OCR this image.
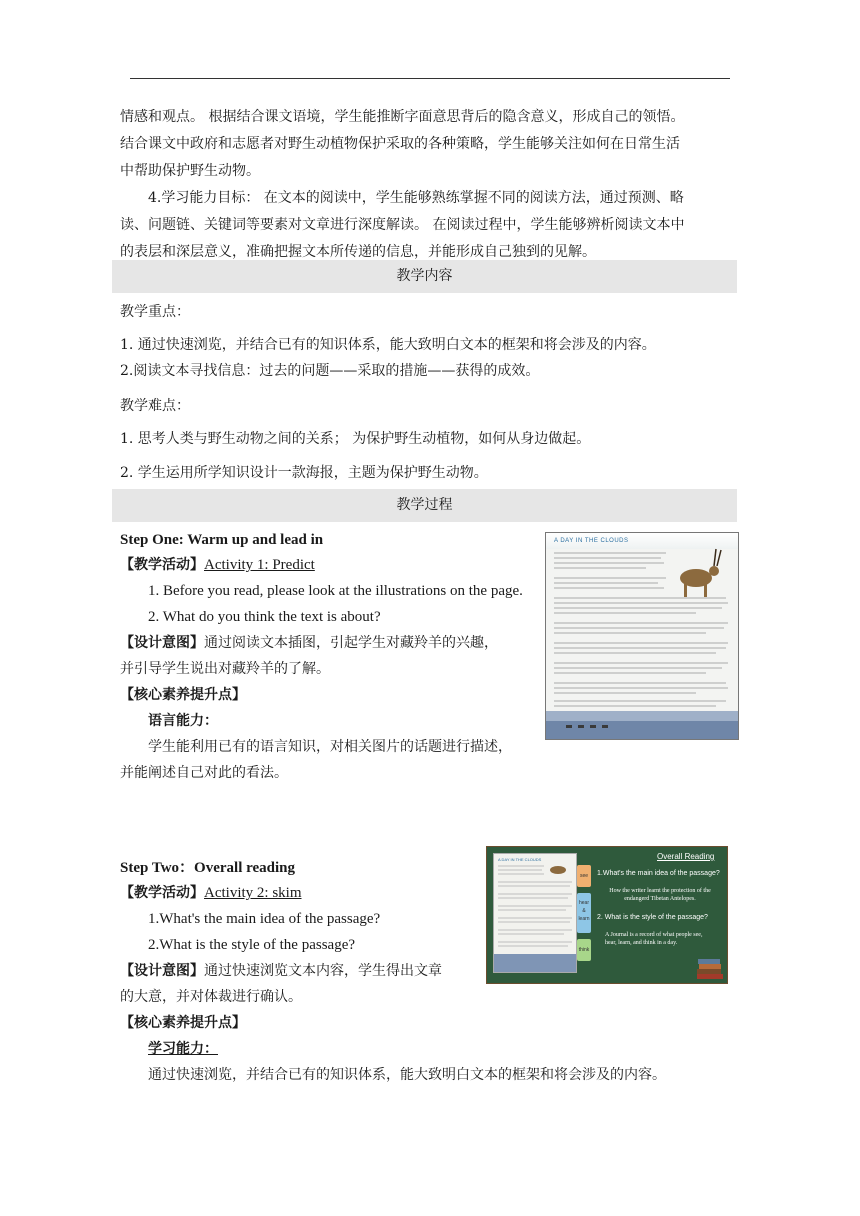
情感和观点。 根据结合课文语境，学生能推断字面意思背后的隐含意义，形成自己的领悟。
结合课文中政府和志愿者对野生动植物保护采取的各种策略，学生能够关注如何在日常生活
中帮助保护野生动物。
4.学习能力目标： 在文本的阅读中，学生能够熟练掌握不同的阅读方法，通过预测、略
读、问题链、关键词等要素对文章进行深度解读。 在阅读过程中，学生能够辨析阅读文本中
的表层和深层意义，准确把握文本所传递的信息，并能形成自己独到的见解。
教学内容
教学重点：
1. 通过快速浏览，并结合已有的知识体系，能大致明白文本的框架和将会涉及的内容。
2.阅读文本寻找信息：过去的问题——采取的措施——获得的成效。
教学难点：
1. 思考人类与野生动物之间的关系； 为保护野生动植物，如何从身边做起。
2. 学生运用所学知识设计一款海报，主题为保护野生动物。
教学过程
Step One: Warm up and lead in
【教学活动】Activity 1: Predict
1. Before you read, please look at the illustrations on the page.
2. What do you think the text is about?
【设计意图】通过阅读文本插图，引起学生对藏羚羊的兴趣，
并引导学生说出对藏羚羊的了解。
【核心素养提升点】
语言能力：
学生能利用已有的语言知识，对相关图片的话题进行描述，
并能阐述自己对此的看法。
A DAY IN THE CLOUDS
Step Two：Overall reading
【教学活动】Activity 2: skim
1.What's the main idea of the passage?
2.What is the style of the passage?
【设计意图】通过快速浏览文本内容，学生得出文章
的大意，并对体裁进行确认。
【核心素养提升点】
学习能力：
通过快速浏览，并结合已有的知识体系，能大致明白文本的框架和将会涉及的内容。
A DAY IN THE CLOUDS
see
hear & learn
think
Overall Reading
1.What's the main idea of the passage?
How the writer learnt the protection of the endangerd Tibetan Antelopes.
2. What is the style of the passage?
A Journal is a record of what people see, hear, learn, and think in a day.
